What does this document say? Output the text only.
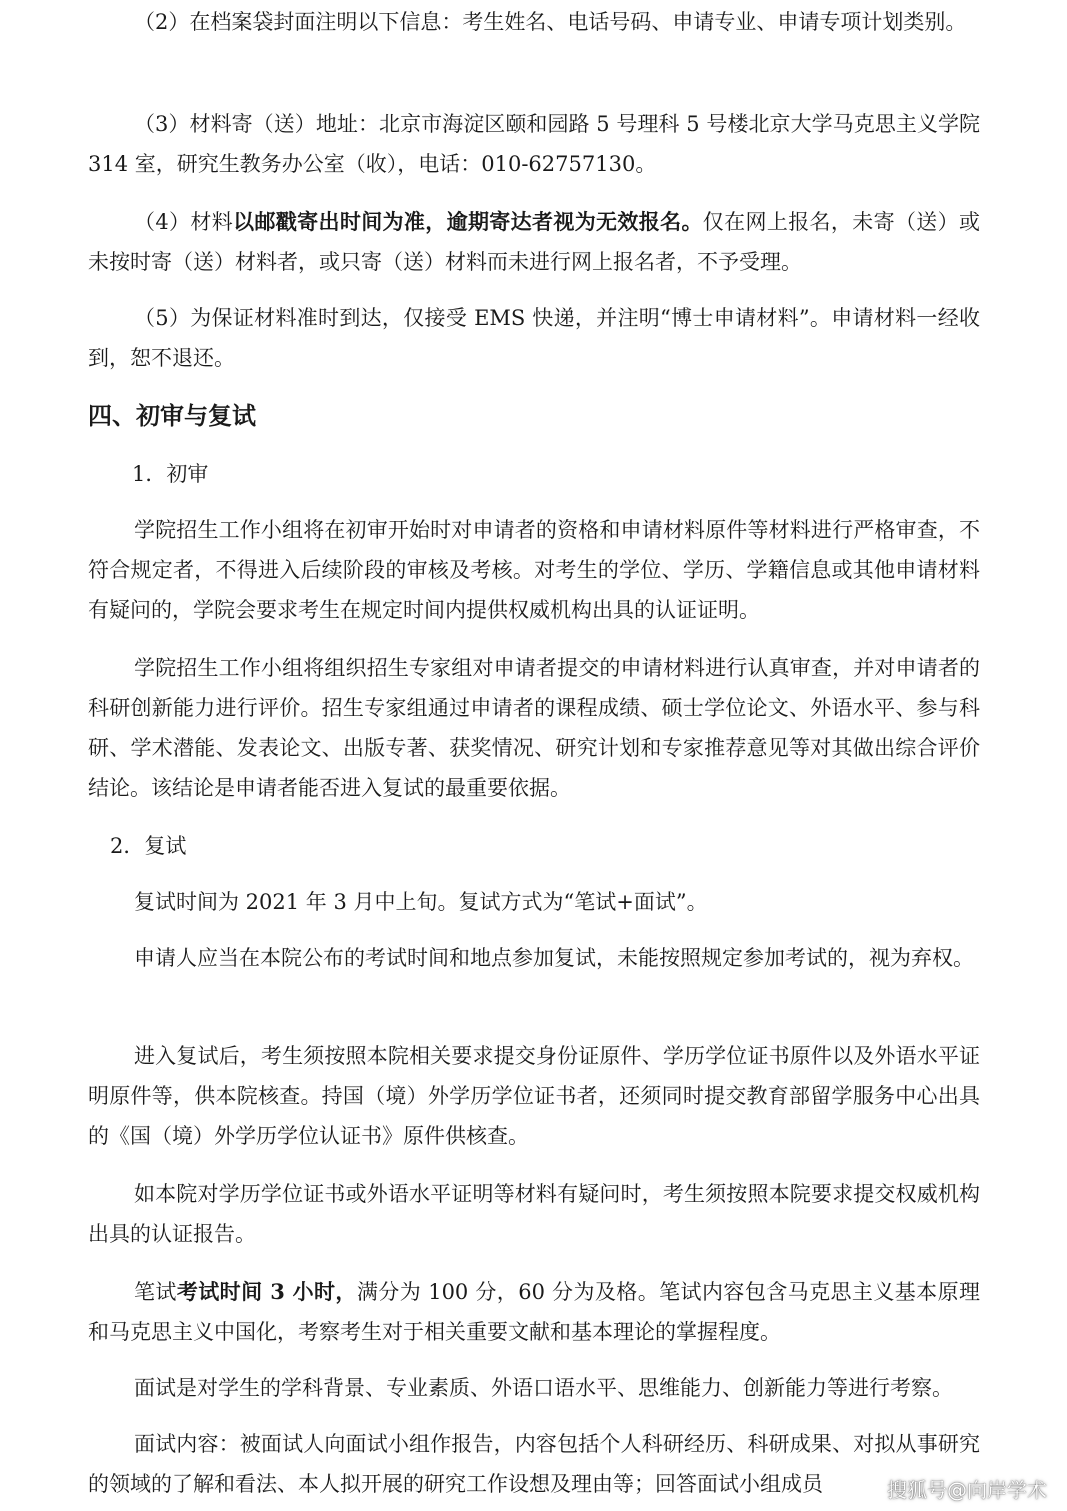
（2）在档案袋封面注明以下信息：考生姓名、电话号码、申请专业、申请专项计划类别。

（3）材料寄（送）地址：北京市海淀区颐和园路 5 号理科 5 号楼北京大学马克思主义学院 314 室，研究生教务办公室（收），电话：010-62757130。

（4）材料以邮戳寄出时间为准，逾期寄达者视为无效报名。仅在网上报名，未寄（送）或未按时寄（送）材料者，或只寄（送）材料而未进行网上报名者，不予受理。

（5）为保证材料准时到达，仅接受 EMS 快递，并注明“博士申请材料”。申请材料一经收到，恕不退还。

四、初审与复试

1．初审

学院招生工作小组将在初审开始时对申请者的资格和申请材料原件等材料进行严格审查，不符合规定者，不得进入后续阶段的审核及考核。对考生的学位、学历、学籍信息或其他申请材料有疑问的，学院会要求考生在规定时间内提供权威机构出具的认证证明。

学院招生工作小组将组织招生专家组对申请者提交的申请材料进行认真审查，并对申请者的科研创新能力进行评价。招生专家组通过申请者的课程成绩、硕士学位论文、外语水平、参与科研、学术潜能、发表论文、出版专著、获奖情况、研究计划和专家推荐意见等对其做出综合评价结论。该结论是申请者能否进入复试的最重要依据。

2．复试

复试时间为 2021 年 3 月中上旬。复试方式为“笔试+面试”。

申请人应当在本院公布的考试时间和地点参加复试，未能按照规定参加考试的，视为弃权。

进入复试后，考生须按照本院相关要求提交身份证原件、学历学位证书原件以及外语水平证明原件等，供本院核查。持国（境）外学历学位证书者，还须同时提交教育部留学服务中心出具的《国（境）外学历学位认证书》原件供核查。

如本院对学历学位证书或外语水平证明等材料有疑问时，考生须按照本院要求提交权威机构出具的认证报告。

笔试考试时间 3 小时，满分为 100 分，60 分为及格。笔试内容包含马克思主义基本原理和马克思主义中国化，考察考生对于相关重要文献和基本理论的掌握程度。

面试是对学生的学科背景、专业素质、外语口语水平、思维能力、创新能力等进行考察。

面试内容：被面试人向面试小组作报告，内容包括个人科研经历、科研成果、对拟从事研究的领域的了解和看法、本人拟开展的研究工作设想及理由等；回答面试小组成员	搜狐号@向岸学术
